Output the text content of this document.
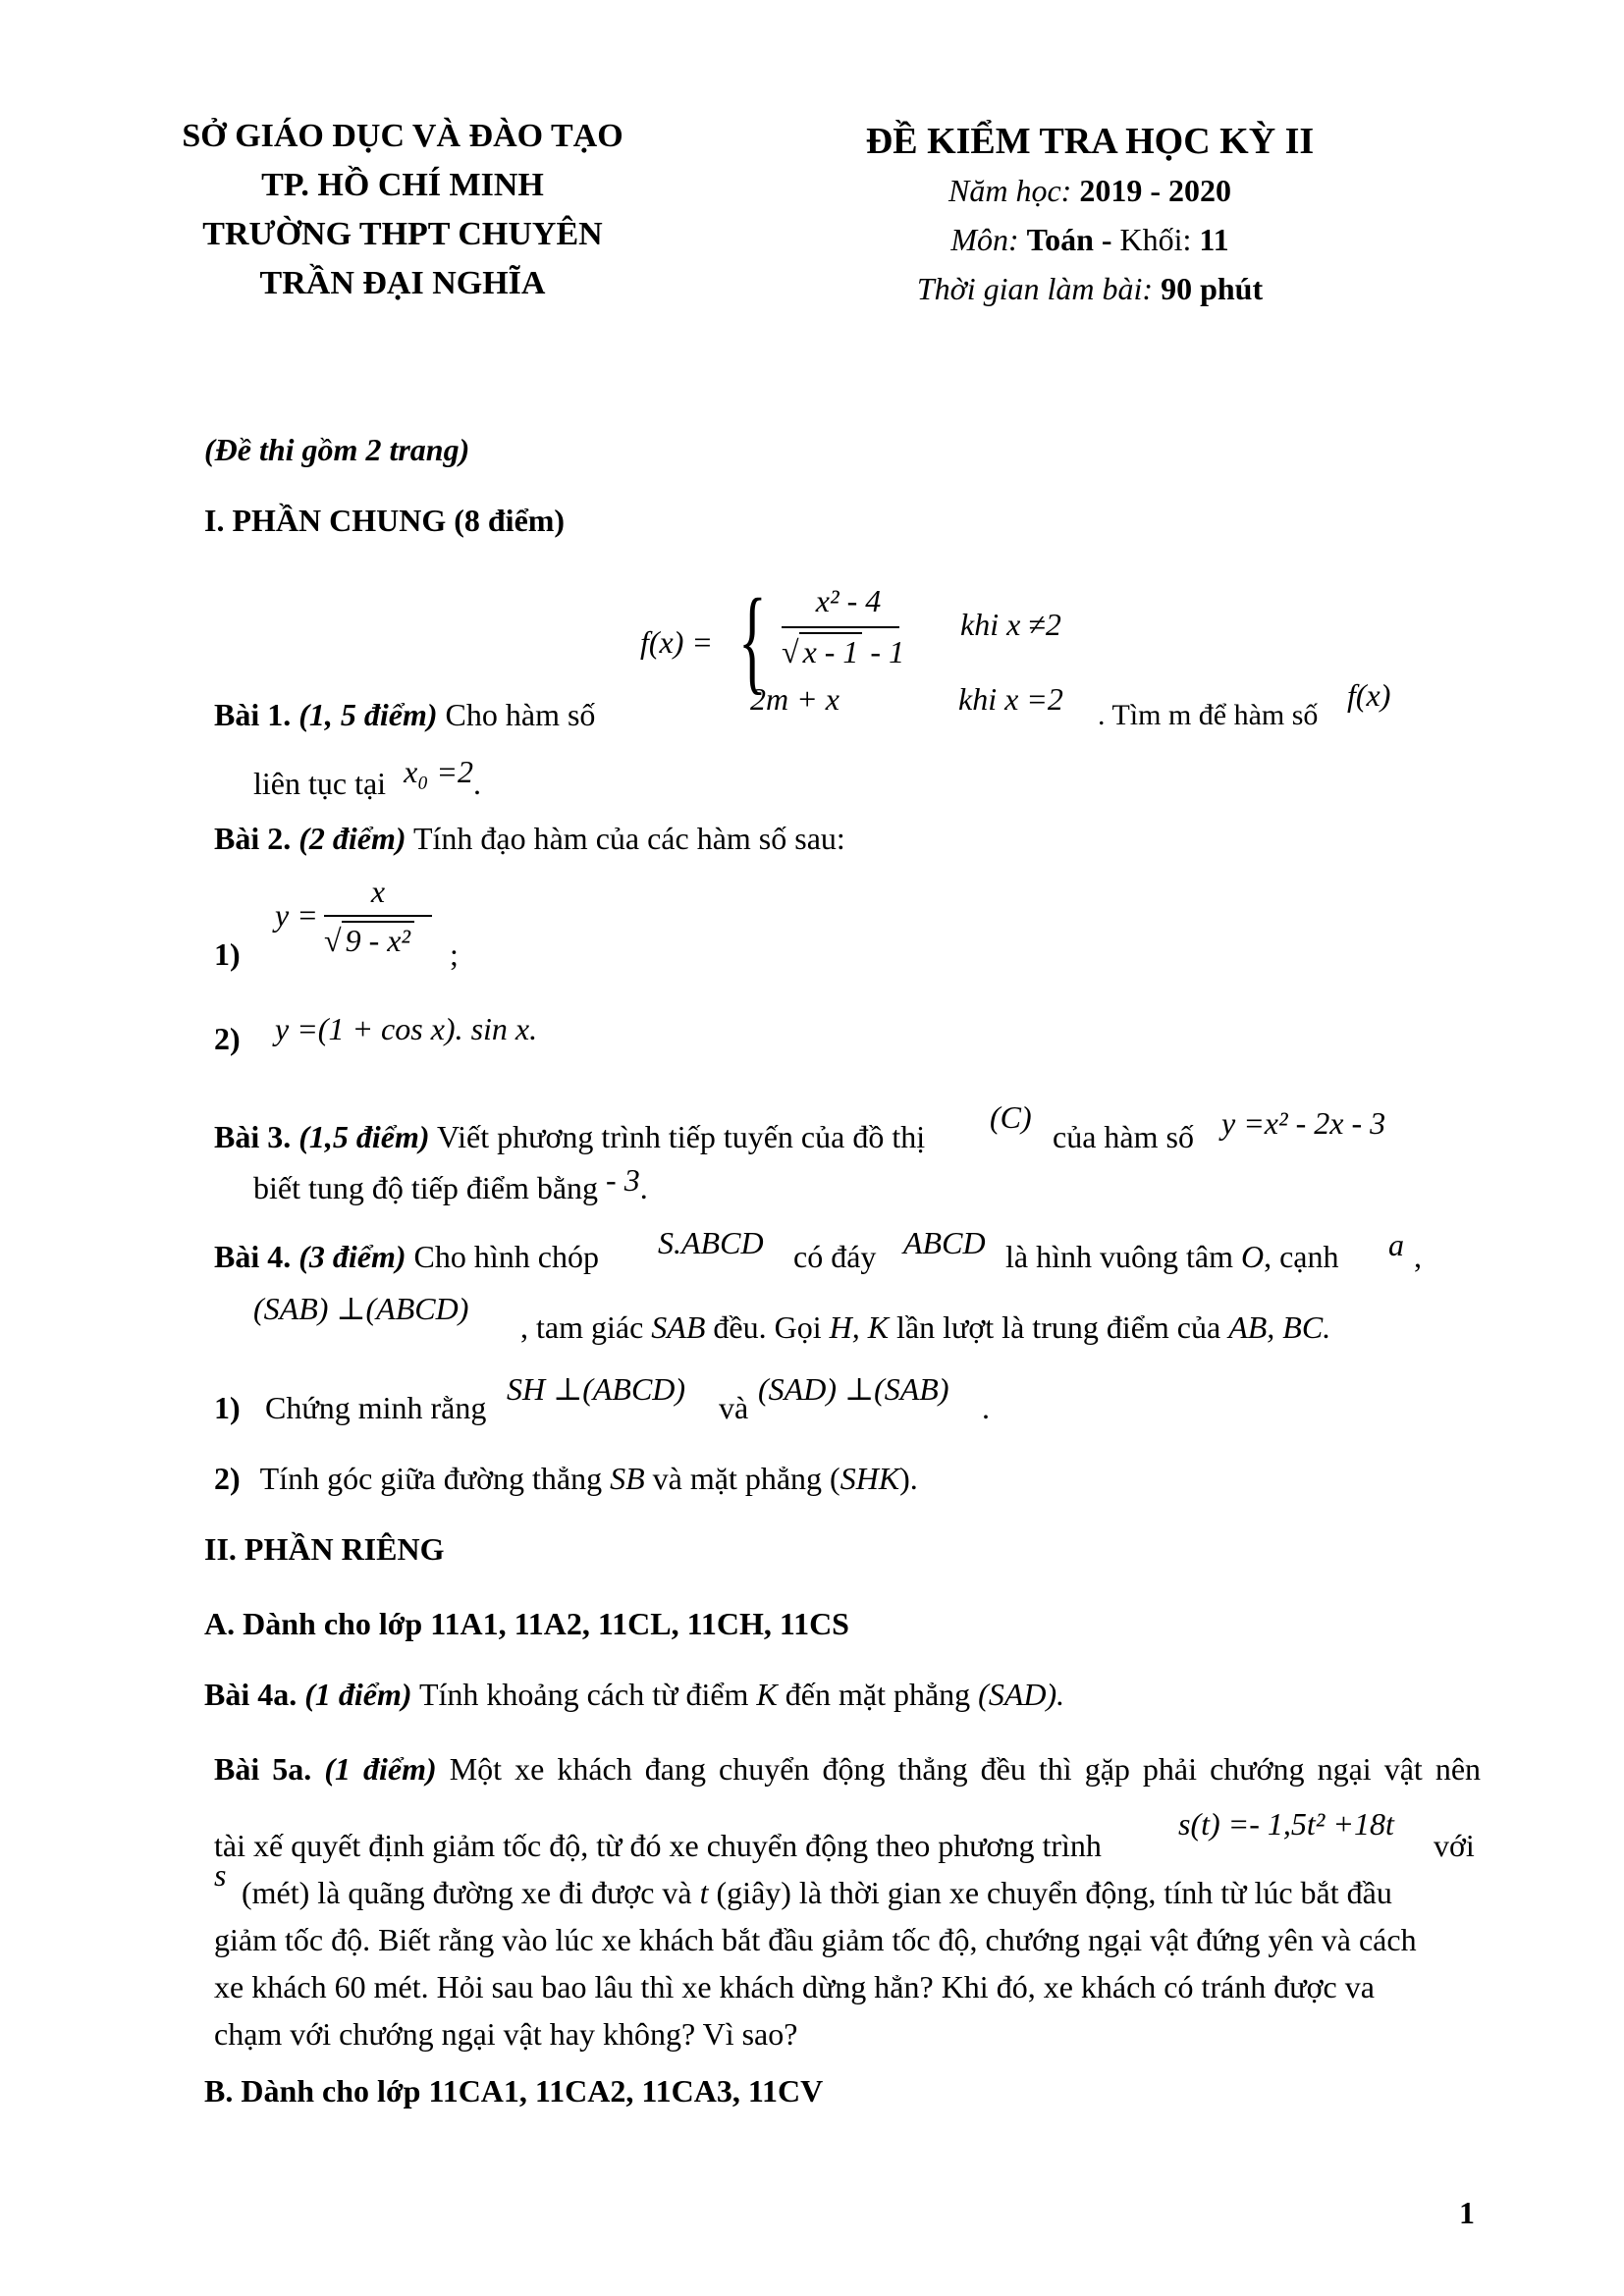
SỞ GIÁO DỤC VÀ ĐÀO TẠO
TP. HỒ CHÍ MINH
TRƯỜNG THPT CHUYÊN
TRẦN ĐẠI NGHĨA
ĐỀ KIỂM TRA HỌC KỲ II
Năm học: 2019 - 2020
Môn: Toán - Khối: 11
Thời gian làm bài: 90 phút
(Đề thi gồm 2 trang)
I. PHẦN CHUNG (8 điểm)
f(x) = {	x² - 4
√ x - 1 - 1
khi x ≠2
2m + x	khi x =2
Bài 1. (1, 5 điểm) Cho hàm số	. Tìm m để hàm số
f(x)
liên tục tại x₀ =2.
Bài 2. (2 điểm) Tính đạo hàm của các hàm số sau:
1)
y =
x
√ 9 - x² ;
2) y =(1 + cos x). sin x.
Bài 3. (1,5 điểm) Viết phương trình tiếp tuyến của đồ thị
(C)
của hàm số y =x² - 2x - 3
biết tung độ tiếp điểm bằng - 3.
Bài 4. (3 điểm) Cho hình chóp S.ABCD có đáy ABCD là hình vuông tâm O, cạnh a ,
(SAB) ⊥(ABCD)
, tam giác SAB đều. Gọi H, K lần lượt là trung điểm của AB, BC.
1) Chứng minh rằng
SH ⊥(ABCD)
và
(SAD) ⊥(SAB)
.
2) Tính góc giữa đường thẳng SB và mặt phẳng (SHK).
II. PHẦN RIÊNG
A. Dành cho lớp 11A1, 11A2, 11CL, 11CH, 11CS
Bài 4a. (1 điểm) Tính khoảng cách từ điểm K đến mặt phẳng (SAD).
Bài 5a. (1 điểm) Một xe khách đang chuyển động thẳng đều thì gặp phải chướng ngại vật nên
tài xế quyết định giảm tốc độ, từ đó xe chuyển động theo phương trình
s(t) =- 1,5t² +18t
với
s (mét) là quãng đường xe đi được và t (giây) là thời gian xe chuyển động, tính từ lúc bắt đầu
giảm tốc độ. Biết rằng vào lúc xe khách bắt đầu giảm tốc độ, chướng ngại vật đứng yên và cách
xe khách 60 mét. Hỏi sau bao lâu thì xe khách dừng hẳn? Khi đó, xe khách có tránh được va
chạm với chướng ngại vật hay không? Vì sao?
B. Dành cho lớp 11CA1, 11CA2, 11CA3, 11CV
1
